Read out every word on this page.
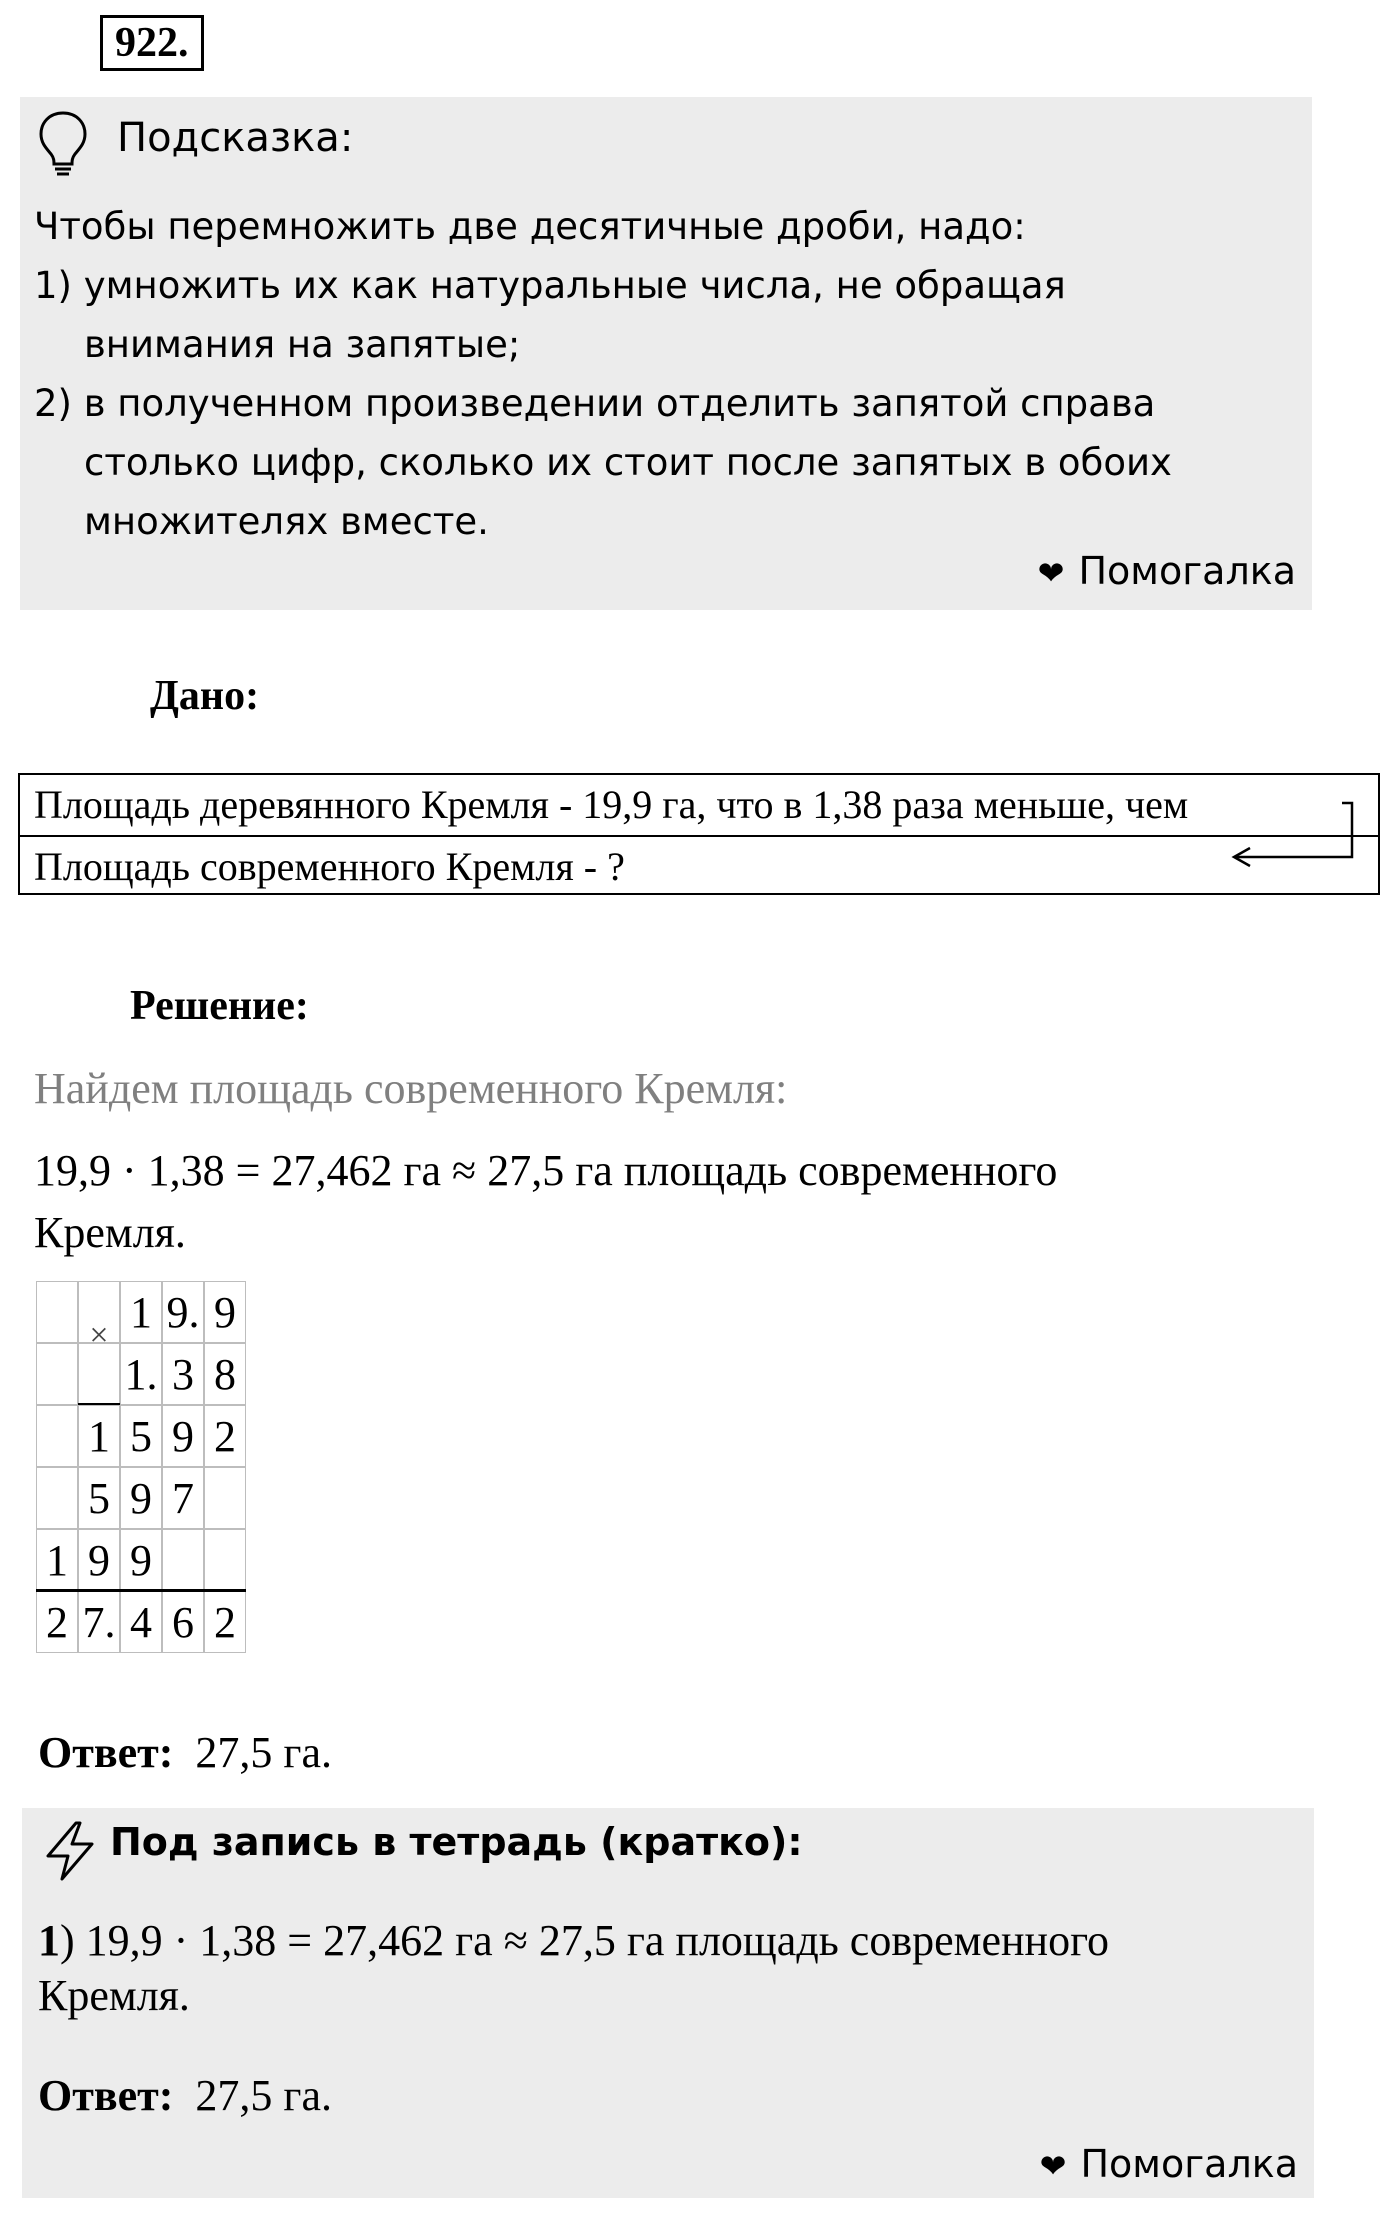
922.
Подсказка:
Чтобы перемножить две десятичные дроби, надо:
1) умножить их как натуральные числа, не обращая
внимания на запятые;
2) в полученном произведении отделить запятой справа
столько цифр, сколько их стоит после запятых в обоих
множителях вместе.
❤ Помогалка
Дано:
Площадь деревянного Кремля - 19,9 га, что в 1,38 раза меньше, чем
Площадь современного Кремля - ?
Решение:
Найдем площадь современного Кремля:
19,9 · 1,38 = 27,462 га ≈ 27,5 га площадь современного
Кремля.
1 9. 9
1. 3 8
1 5 9 2
5 9 7
1 9 9
2 7. 4 6 2
×
Ответ: 27,5 га.
Под запись в тетрадь (кратко):
1) 19,9 · 1,38 = 27,462 га ≈ 27,5 га площадь современного
Кремля.
Ответ: 27,5 га.
❤ Помогалка
